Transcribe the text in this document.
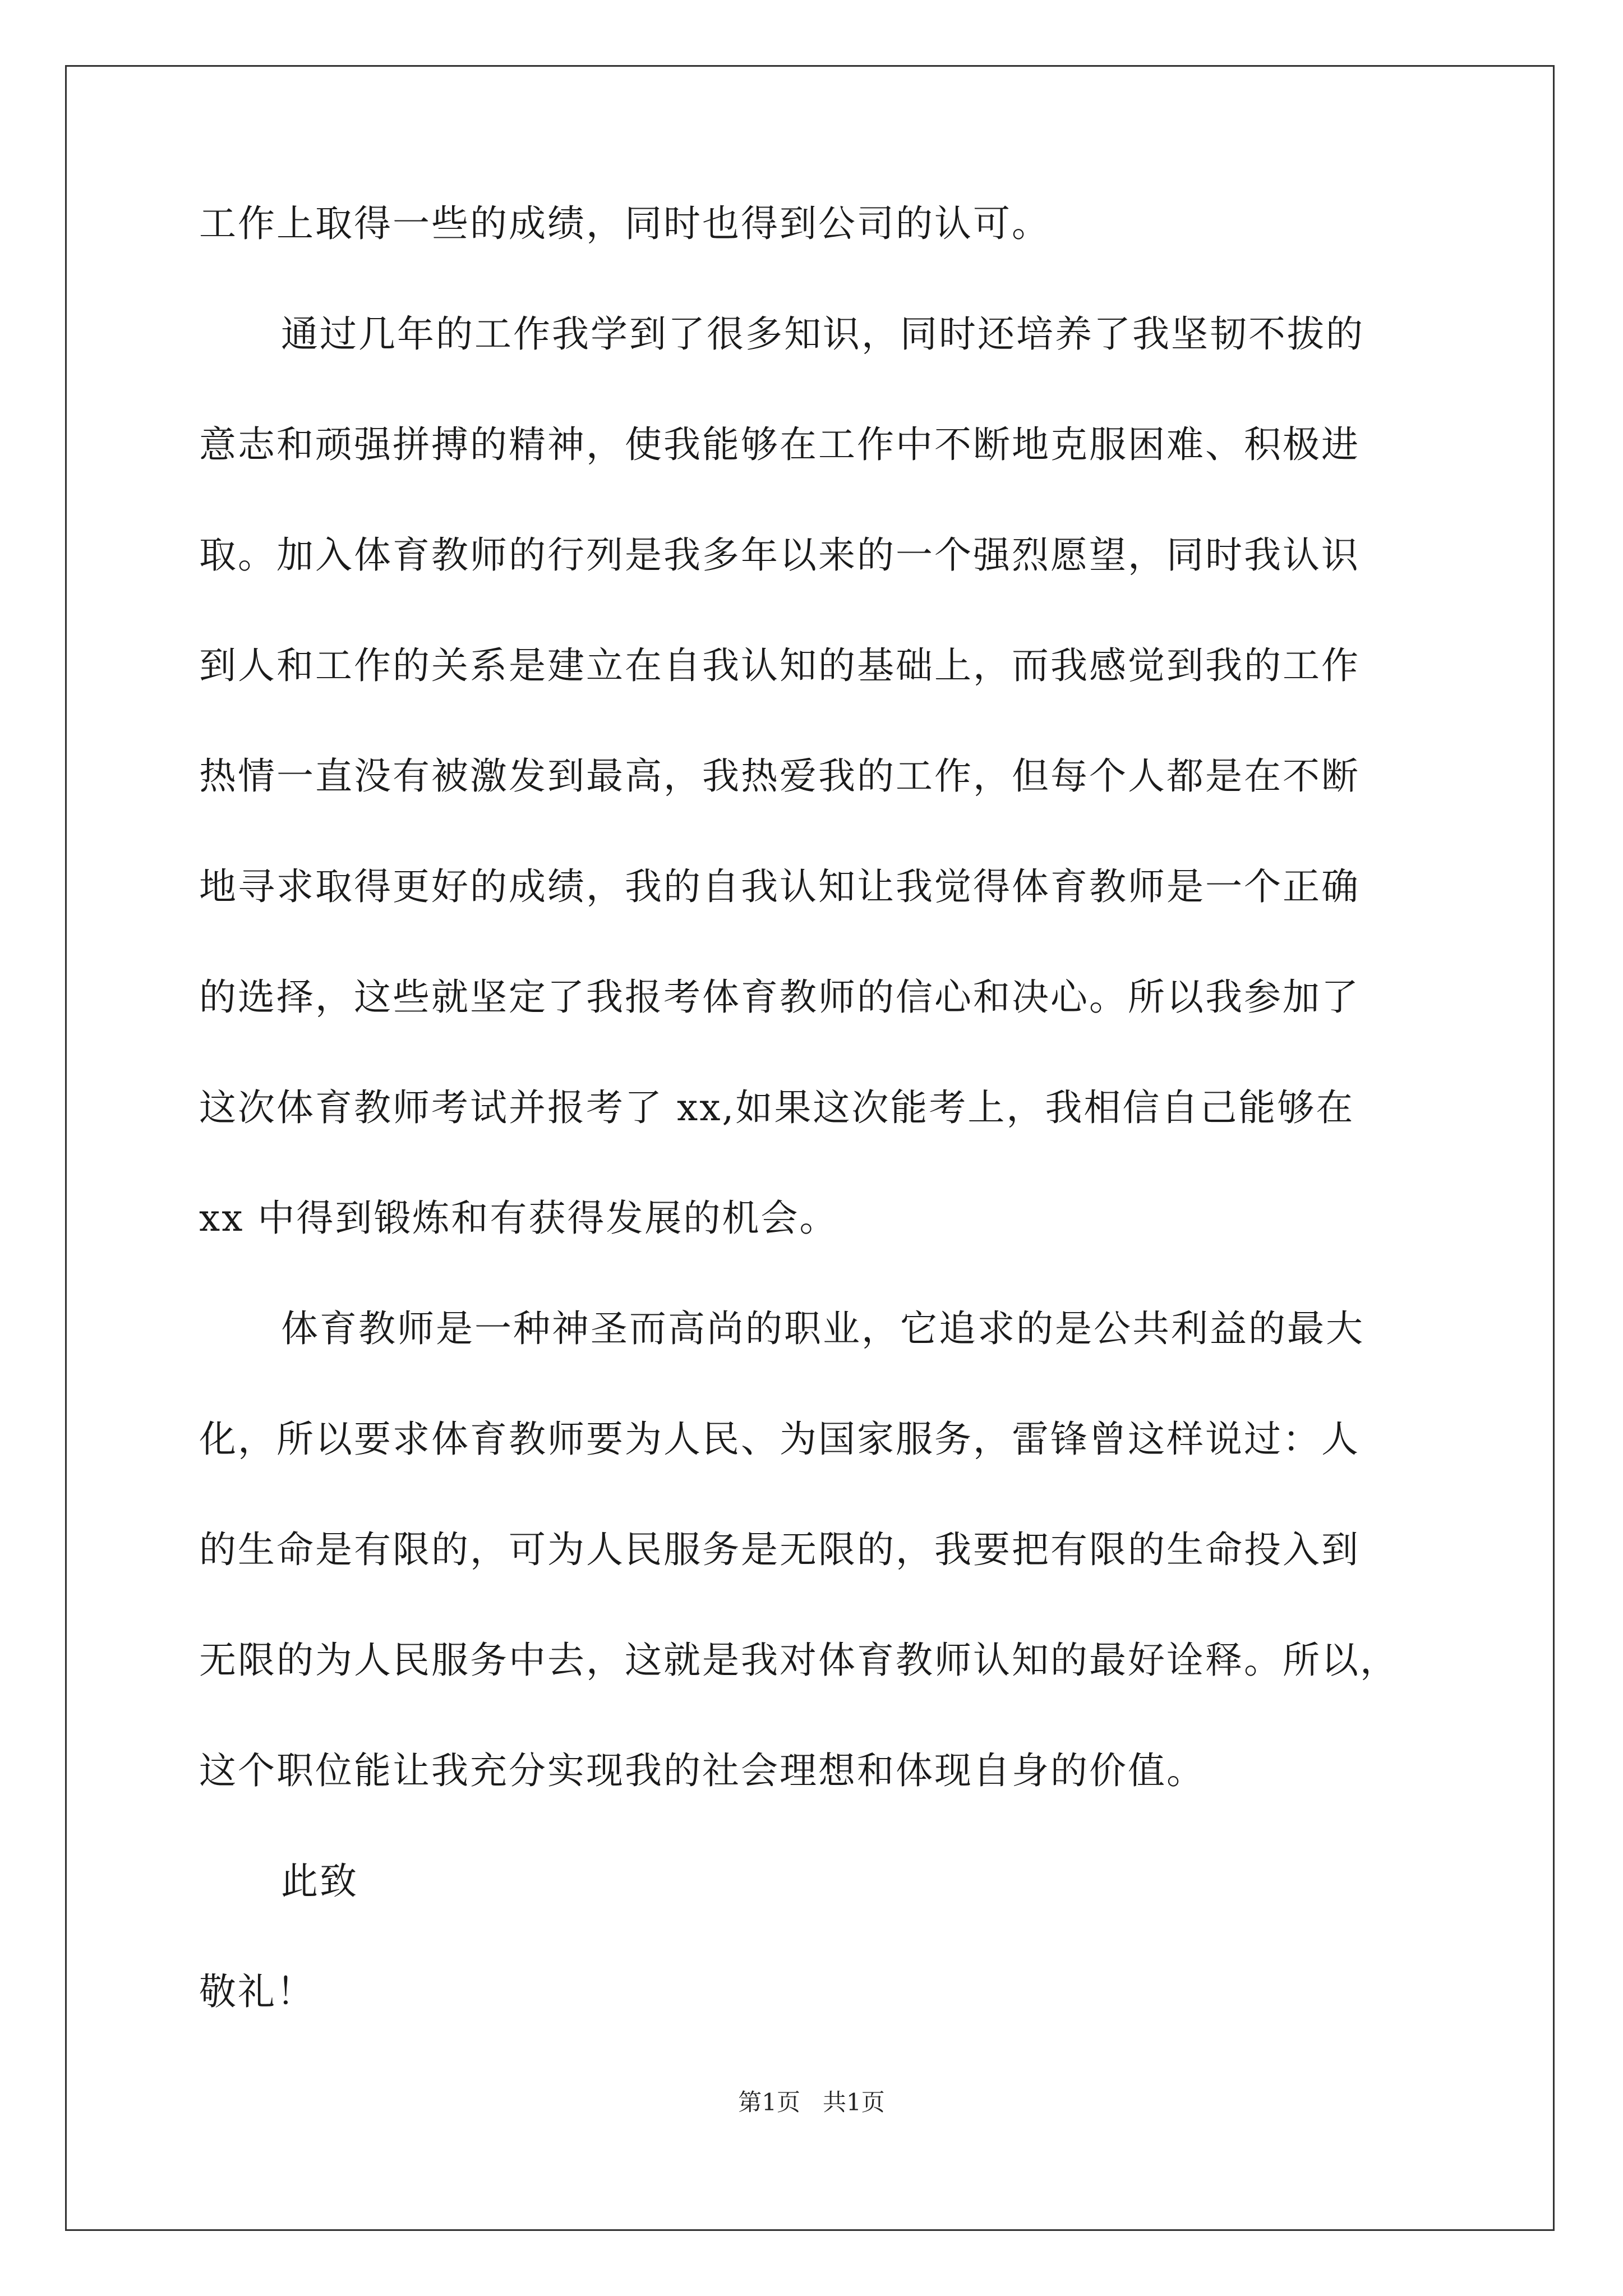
工作上取得一些的成绩，同时也得到公司的认可。
通过几年的工作我学到了很多知识，同时还培养了我坚韧不拔的
意志和顽强拼搏的精神，使我能够在工作中不断地克服困难、积极进
取。加入体育教师的行列是我多年以来的一个强烈愿望，同时我认识
到人和工作的关系是建立在自我认知的基础上，而我感觉到我的工作
热情一直没有被激发到最高，我热爱我的工作，但每个人都是在不断
地寻求取得更好的成绩，我的自我认知让我觉得体育教师是一个正确
的选择，这些就坚定了我报考体育教师的信心和决心。所以我参加了
这次体育教师考试并报考了 xx,如果这次能考上，我相信自己能够在
xx 中得到锻炼和有获得发展的机会。
体育教师是一种神圣而高尚的职业，它追求的是公共利益的最大
化，所以要求体育教师要为人民、为国家服务，雷锋曾这样说过：人
的生命是有限的，可为人民服务是无限的，我要把有限的生命投入到
无限的为人民服务中去，这就是我对体育教师认知的最好诠释。所以，
这个职位能让我充分实现我的社会理想和体现自身的价值。
此致
敬礼！
第1页 共1页
